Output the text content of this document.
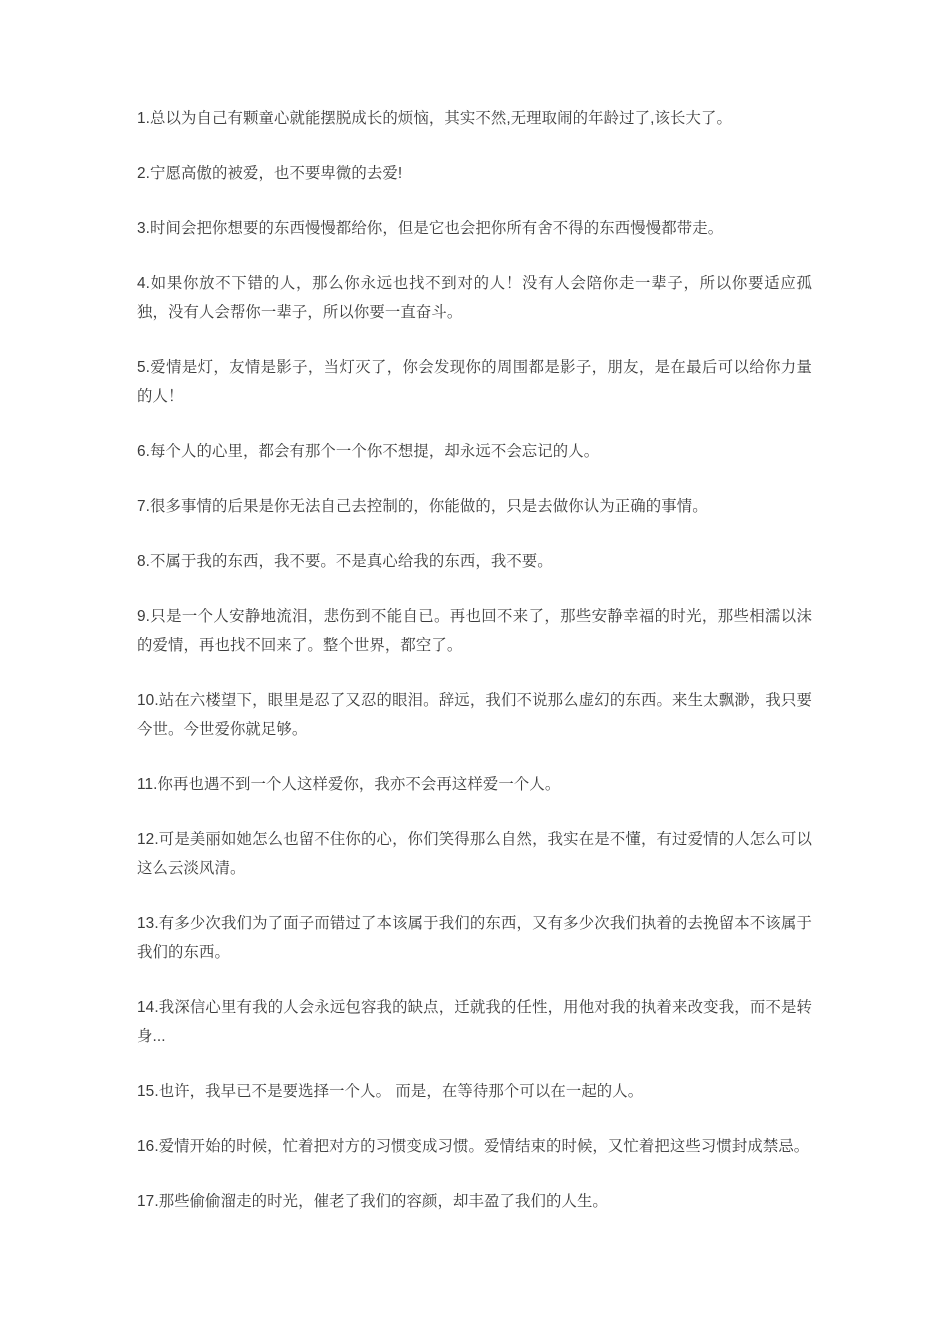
1.总以为自己有颗童心就能摆脱成长的烦恼，其实不然,无理取闹的年龄过了,该长大了。

2.宁愿高傲的被爱，也不要卑微的去爱!

3.时间会把你想要的东西慢慢都给你，但是它也会把你所有舍不得的东西慢慢都带走。

4.如果你放不下错的人，那么你永远也找不到对的人！没有人会陪你走一辈子，所以你要适应孤独，没有人会帮你一辈子，所以你要一直奋斗。

5.爱情是灯，友情是影子，当灯灭了，你会发现你的周围都是影子，朋友，是在最后可以给你力量的人！

6.每个人的心里，都会有那个一个你不想提，却永远不会忘记的人。

7.很多事情的后果是你无法自己去控制的，你能做的，只是去做你认为正确的事情。

8.不属于我的东西，我不要。不是真心给我的东西，我不要。

9.只是一个人安静地流泪，悲伤到不能自已。再也回不来了，那些安静幸福的时光，那些相濡以沫的爱情，再也找不回来了。整个世界，都空了。

10.站在六楼望下，眼里是忍了又忍的眼泪。辞远，我们不说那么虚幻的东西。来生太飘渺，我只要今世。今世爱你就足够。

11.你再也遇不到一个人这样爱你，我亦不会再这样爱一个人。

12.可是美丽如她怎么也留不住你的心，你们笑得那么自然，我实在是不懂，有过爱情的人怎么可以这么云淡风清。

13.有多少次我们为了面子而错过了本该属于我们的东西，又有多少次我们执着的去挽留本不该属于我们的东西。

14.我深信心里有我的人会永远包容我的缺点，迁就我的任性，用他对我的执着来改变我，而不是转身...

15.也许，我早已不是要选择一个人。 而是，在等待那个可以在一起的人。

16.爱情开始的时候，忙着把对方的习惯变成习惯。爱情结束的时候，又忙着把这些习惯封成禁忌。

17.那些偷偷溜走的时光，催老了我们的容颜，却丰盈了我们的人生。
